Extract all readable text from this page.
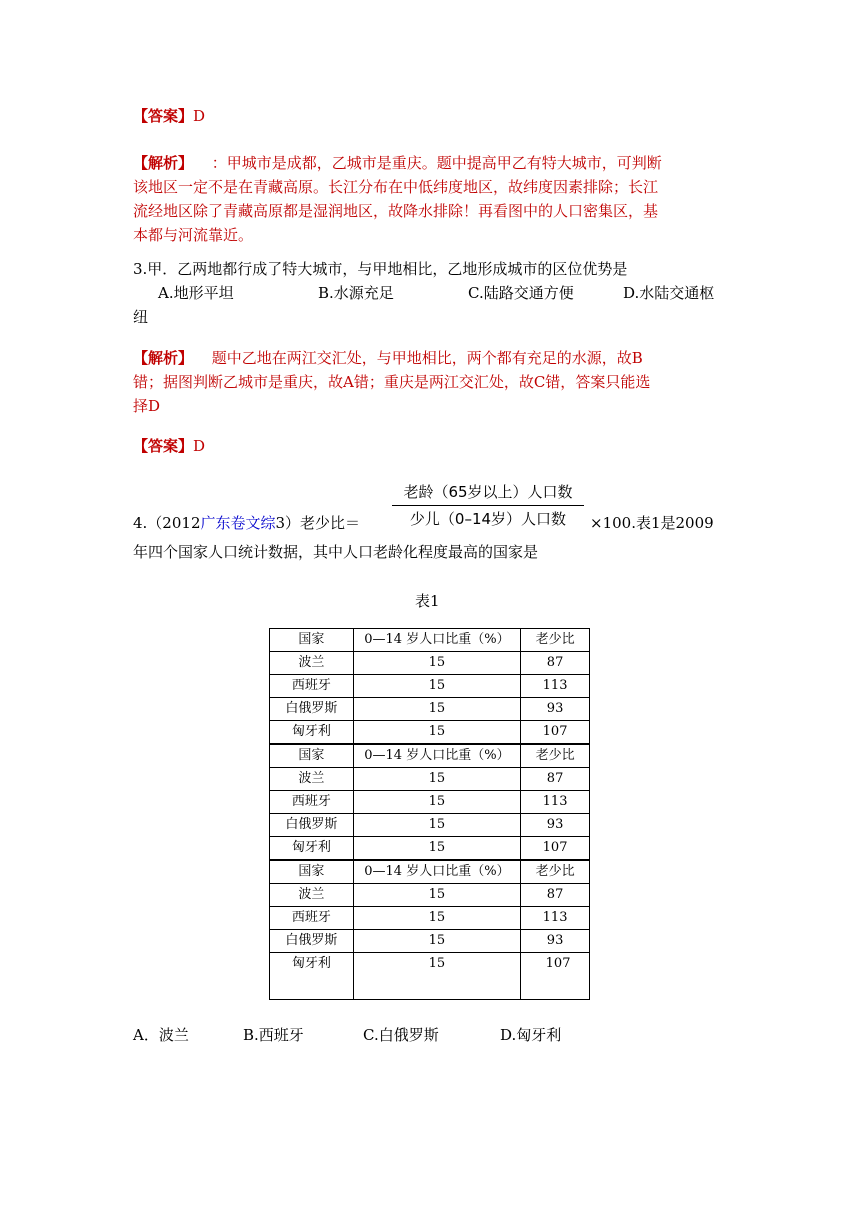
【答案】D
【解析】 ：甲城市是成都，乙城市是重庆。题中提高甲乙有特大城市，可判断
该地区一定不是在青藏高原。长江分布在中低纬度地区，故纬度因素排除；长江
流经地区除了青藏高原都是湿润地区，故降水排除！再看图中的人口密集区，基
本都与河流靠近。
3.甲．乙两地都行成了特大城市，与甲地相比，乙地形成城市的区位优势是
A.地形平坦	B.水源充足	C.陆路交通方便	D.水陆交通枢
纽
【解析】 题中乙地在两江交汇处，与甲地相比，两个都有充足的水源，故B
错；据图判断乙城市是重庆，故A错；重庆是两江交汇处，故C错，答案只能选
择D
【答案】D
4.（2012广东卷文综3）老少比＝
老龄（65岁以上）人口数
少儿（0–14岁）人口数	×100.表1是2009
年四个国家人口统计数据，其中人口老龄化程度最高的国家是
表1
国家	0—14 岁人口比重（%）	老少比
波兰	15	87
西班牙	15	113
白俄罗斯	15	93
匈牙利	15	107
国家	0—14 岁人口比重（%）	老少比
波兰	15	87
西班牙	15	113
白俄罗斯	15	93
匈牙利	15	107
国家	0—14 岁人口比重（%）	老少比
波兰	15	87
西班牙	15	113
白俄罗斯	15	93
匈牙利	15	107
A．波兰	B.西班牙	C.白俄罗斯	D.匈牙利
